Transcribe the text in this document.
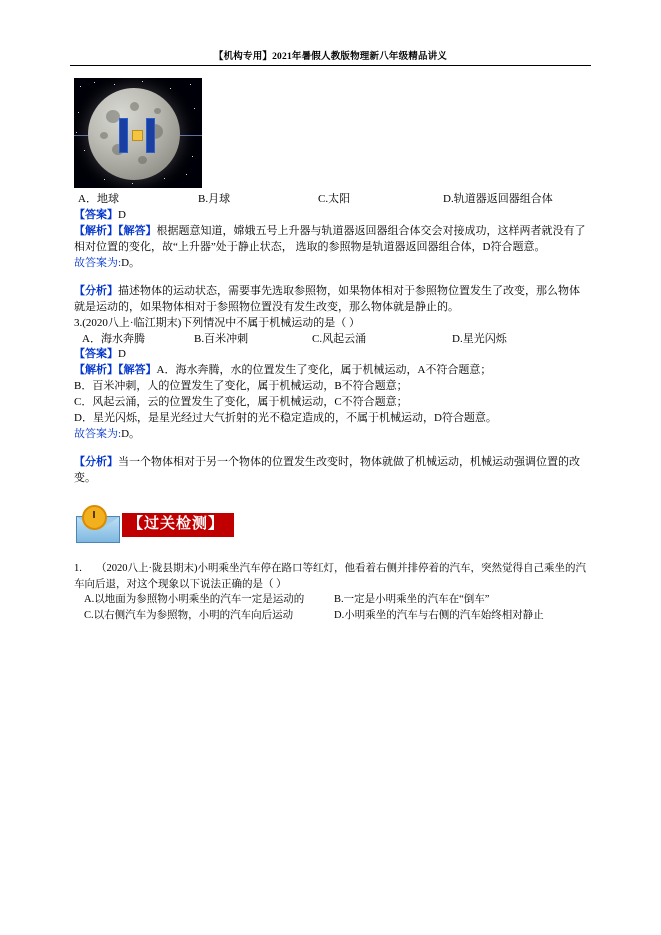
【机构专用】2021年暑假人教版物理新八年级精品讲义
A．地球	B.月球	C.太阳	D.轨道器返回器组合体

【答案】D

【解析】【解答】根据题意知道，嫦娥五号上升器与轨道器返回器组合体交会对接成功，这样两者就没有了相对位置的变化，故“上升器”处于静止状态， 选取的参照物是轨道器返回器组合体，D符合题意。

故答案为:D。

【分析】描述物体的运动状态，需要事先选取参照物，如果物体相对于参照物位置发生了改变，那么物体就是运动的，如果物体相对于参照物位置没有发生改变，那么物体就是静止的。

3.(2020八上·临江期末)下列情况中不属于机械运动的是（ ）

A．海水奔腾	B.百米冲刺	C.风起云涌	D.星光闪烁

【答案】D

【解析】【解答】A．海水奔腾，水的位置发生了变化，属于机械运动，A不符合题意；

B．百米冲刺，人的位置发生了变化，属于机械运动，B不符合题意；

C．风起云涌，云的位置发生了变化，属于机械运动，C不符合题意；

D．星光闪烁，是星光经过大气折射的光不稳定造成的，不属于机械运动，D符合题意。

故答案为:D。

【分析】当一个物体相对于另一个物体的位置发生改变时，物体就做了机械运动，机械运动强调位置的改变。

【过关检测】

1. （2020八上·陇县期末)小明乘坐汽车停在路口等红灯，他看着右侧并排停着的汽车，突然觉得自己乘坐的汽车向后退，对这个现象以下说法正确的是（ ）

A.以地面为参照物小明乘坐的汽车一定是运动的	B.一定是小明乘坐的汽车在“倒车”
C.以右侧汽车为参照物，小明的汽车向后运动	D.小明乘坐的汽车与右侧的汽车始终相对静止
